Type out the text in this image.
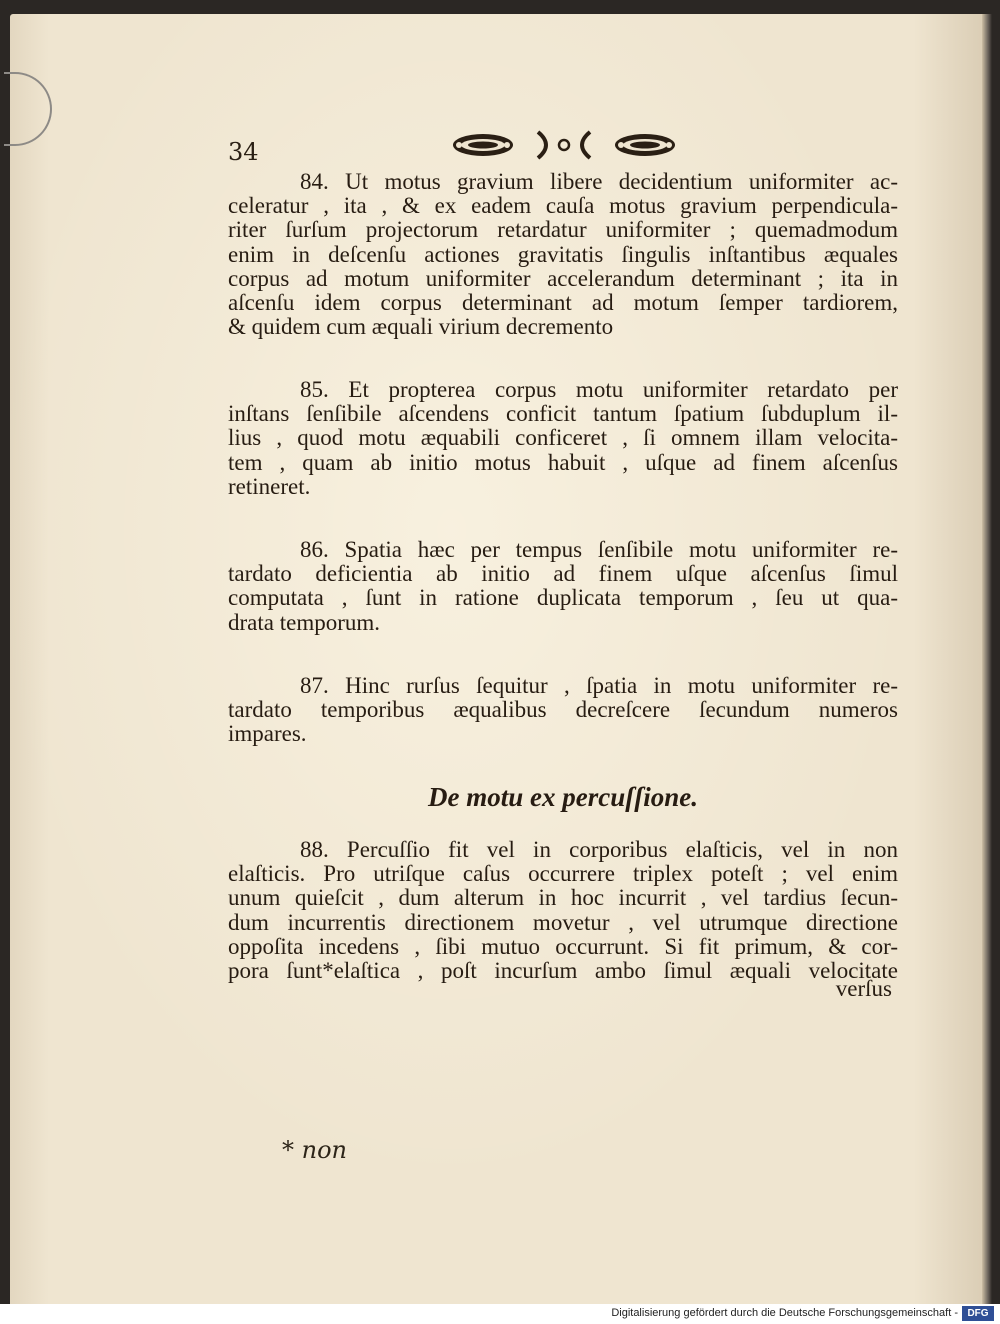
34
84. Ut motus gravium libere decidentium uniformiter ac-
celeratur , ita , & ex eadem cauſa motus gravium perpendicula-
riter ſurſum projectorum retardatur uniformiter ; quemadmodum
enim in deſcenſu actiones gravitatis ſingulis inſtantibus æquales
corpus ad motum uniformiter accelerandum determinant ; ita in
aſcenſu idem corpus determinant ad motum ſemper tardiorem,
& quidem cum æquali virium decremento
85. Et propterea corpus motu uniformiter retardato per
inſtans ſenſibile aſcendens conficit tantum ſpatium ſubduplum il-
lius , quod motu æquabili conficeret , ſi omnem illam velocita-
tem , quam ab initio motus habuit , uſque ad finem aſcenſus
retineret.
86. Spatia hæc per tempus ſenſibile motu uniformiter re-
tardato deficientia ab initio ad finem uſque aſcenſus ſimul
computata , ſunt in ratione duplicata temporum , ſeu ut qua-
drata temporum.
87. Hinc rurſus ſequitur , ſpatia in motu uniformiter re-
tardato temporibus æqualibus decreſcere ſecundum numeros
impares.
De motu ex percuſſione.
88. Percuſſio fit vel in corporibus elaſticis, vel in non
elaſticis. Pro utriſque caſus occurrere triplex poteſt ; vel enim
unum quieſcit , dum alterum in hoc incurrit , vel tardius ſecun-
dum incurrentis directionem movetur , vel utrumque directione
oppoſita incedens , ſibi mutuo occurrunt. Si fit primum, & cor-
pora ſunt*elaſtica , poſt incurſum ambo ſimul æquali velocitate
verſus
* non
Digitalisierung gefördert durch die Deutsche Forschungsgemeinschaft - DFG
